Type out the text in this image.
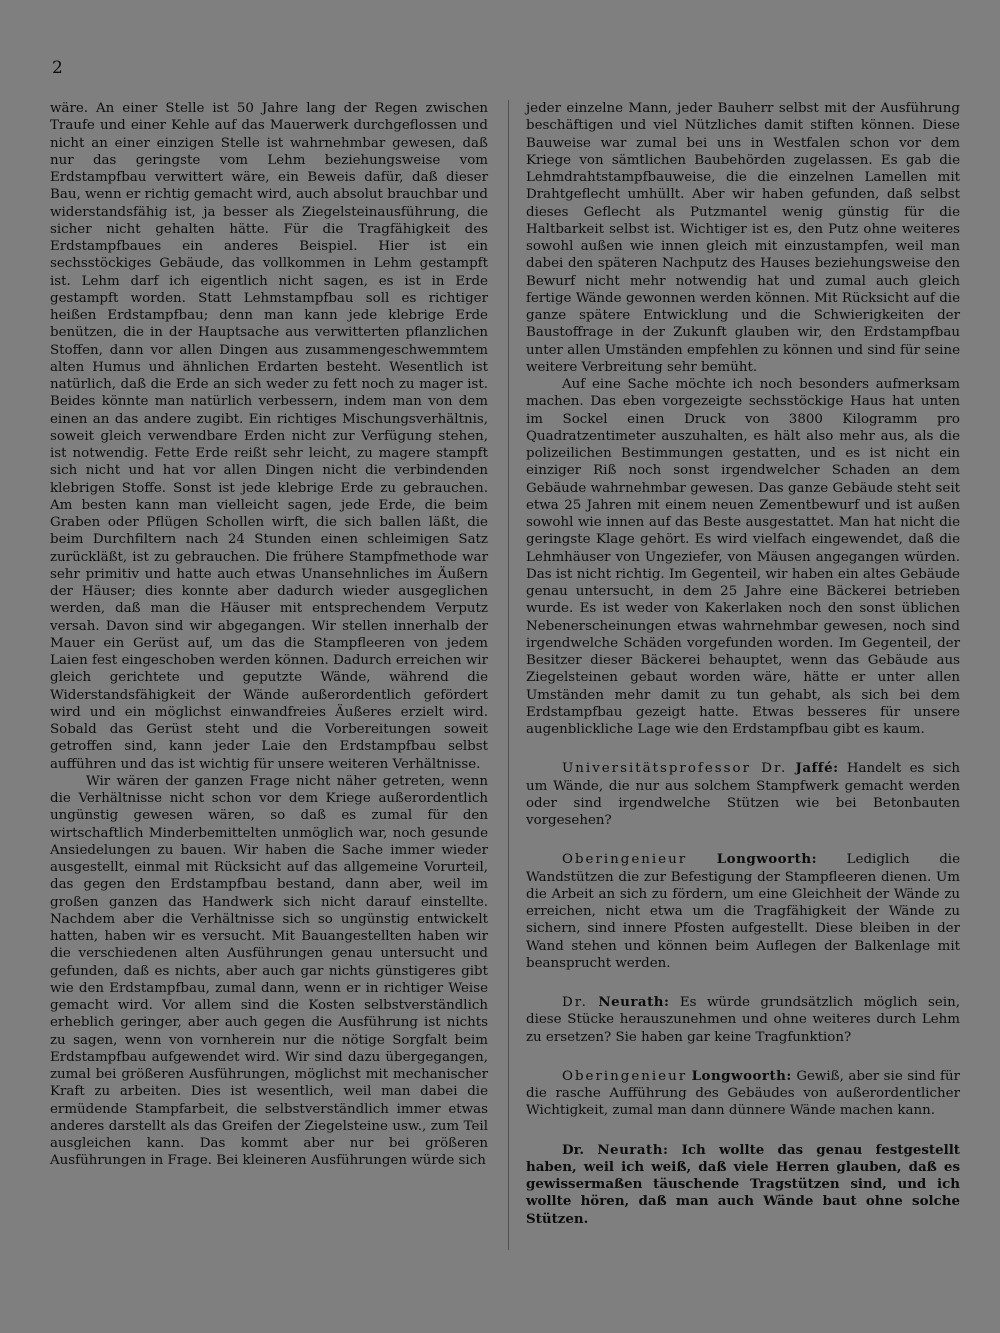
2

wäre. An einer Stelle ist 50 Jahre lang der Regen zwischen Traufe und einer Kehle auf das Mauerwerk durchgeflossen und nicht an einer einzigen Stelle ist wahrnehmbar gewesen, daß nur das geringste vom Lehm beziehungsweise vom Erdstampfbau verwittert wäre, ein Beweis dafür, daß dieser Bau, wenn er richtig gemacht wird, auch absolut brauchbar und widerstandsfähig ist, ja besser als Ziegelsteinausführung, die sicher nicht gehalten hätte. Für die Tragfähigkeit des Erdstampfbaues ein anderes Beispiel. Hier ist ein sechsstöckiges Gebäude, das vollkommen in Lehm gestampft ist. Lehm darf ich eigentlich nicht sagen, es ist in Erde gestampft worden. Statt Lehmstampfbau soll es richtiger heißen Erdstampfbau; denn man kann jede klebrige Erde benützen, die in der Hauptsache aus verwitterten pflanzlichen Stoffen, dann vor allen Dingen aus zusammengeschwemmtem alten Humus und ähnlichen Erdarten besteht. Wesentlich ist natürlich, daß die Erde an sich weder zu fett noch zu mager ist. Beides könnte man natürlich verbessern, indem man von dem einen an das andere zugibt. Ein richtiges Mischungsverhältnis, soweit gleich verwendbare Erden nicht zur Verfügung stehen, ist notwendig. Fette Erde reißt sehr leicht, zu magere stampft sich nicht und hat vor allen Dingen nicht die verbindenden klebrigen Stoffe. Sonst ist jede klebrige Erde zu gebrauchen. Am besten kann man vielleicht sagen, jede Erde, die beim Graben oder Pflügen Schollen wirft, die sich ballen läßt, die beim Durchfiltern nach 24 Stunden einen schleimigen Satz zurückläßt, ist zu gebrauchen. Die frühere Stampfmethode war sehr primitiv und hatte auch etwas Unansehnliches im Äußern der Häuser; dies konnte aber dadurch wieder ausgeglichen werden, daß man die Häuser mit entsprechendem Verputz versah. Davon sind wir abgegangen. Wir stellen innerhalb der Mauer ein Gerüst auf, um das die Stampfleeren von jedem Laien fest eingeschoben werden können. Dadurch erreichen wir gleich gerichtete und geputzte Wände, während die Widerstandsfähigkeit der Wände außerordentlich gefördert wird und ein möglichst einwandfreies Äußeres erzielt wird. Sobald das Gerüst steht und die Vorbereitungen soweit getroffen sind, kann jeder Laie den Erdstampfbau selbst aufführen und das ist wichtig für unsere weiteren Verhältnisse.

Wir wären der ganzen Frage nicht näher getreten, wenn die Verhältnisse nicht schon vor dem Kriege außerordentlich ungünstig gewesen wären, so daß es zumal für den wirtschaftlich Minderbemittelten unmöglich war, noch gesunde Ansiedelungen zu bauen. Wir haben die Sache immer wieder ausgestellt, einmal mit Rücksicht auf das allgemeine Vorurteil, das gegen den Erdstampfbau bestand, dann aber, weil im großen ganzen das Handwerk sich nicht darauf einstellte. Nachdem aber die Verhältnisse sich so ungünstig entwickelt hatten, haben wir es versucht. Mit Bauangestellten haben wir die verschiedenen alten Ausführungen genau untersucht und gefunden, daß es nichts, aber auch gar nichts günstigeres gibt wie den Erdstampfbau, zumal dann, wenn er in richtiger Weise gemacht wird. Vor allem sind die Kosten selbstverständlich erheblich geringer, aber auch gegen die Ausführung ist nichts zu sagen, wenn von vornherein nur die nötige Sorgfalt beim Erdstampfbau aufgewendet wird. Wir sind dazu übergegangen, zumal bei größeren Ausführungen, möglichst mit mechanischer Kraft zu arbeiten. Dies ist wesentlich, weil man dabei die ermüdende Stampfarbeit, die selbstverständlich immer etwas anderes darstellt als das Greifen der Ziegelsteine usw., zum Teil ausgleichen kann. Das kommt aber nur bei größeren Ausführungen in Frage. Bei kleineren Ausführungen würde sich

jeder einzelne Mann, jeder Bauherr selbst mit der Ausführung beschäftigen und viel Nützliches damit stiften können. Diese Bauweise war zumal bei uns in Westfalen schon vor dem Kriege von sämtlichen Baubehörden zugelassen. Es gab die Lehmdrahtstampfbauweise, die die einzelnen Lamellen mit Drahtgeflecht umhüllt. Aber wir haben gefunden, daß selbst dieses Geflecht als Putzmantel wenig günstig für die Haltbarkeit selbst ist. Wichtiger ist es, den Putz ohne weiteres sowohl außen wie innen gleich mit einzustampfen, weil man dabei den späteren Nachputz des Hauses beziehungsweise den Bewurf nicht mehr notwendig hat und zumal auch gleich fertige Wände gewonnen werden können. Mit Rücksicht auf die ganze spätere Entwicklung und die Schwierigkeiten der Baustoffrage in der Zukunft glauben wir, den Erdstampfbau unter allen Umständen empfehlen zu können und sind für seine weitere Verbreitung sehr bemüht.

Auf eine Sache möchte ich noch besonders aufmerksam machen. Das eben vorgezeigte sechsstöckige Haus hat unten im Sockel einen Druck von 3800 Kilogramm pro Quadratzentimeter auszuhalten, es hält also mehr aus, als die polizeilichen Bestimmungen gestatten, und es ist nicht ein einziger Riß noch sonst irgendwelcher Schaden an dem Gebäude wahrnehmbar gewesen. Das ganze Gebäude steht seit etwa 25 Jahren mit einem neuen Zementbewurf und ist außen sowohl wie innen auf das Beste ausgestattet. Man hat nicht die geringste Klage gehört. Es wird vielfach eingewendet, daß die Lehmhäuser von Ungeziefer, von Mäusen angegangen würden. Das ist nicht richtig. Im Gegenteil, wir haben ein altes Gebäude genau untersucht, in dem 25 Jahre eine Bäckerei betrieben wurde. Es ist weder von Kakerlaken noch den sonst üblichen Nebenerscheinungen etwas wahrnehmbar gewesen, noch sind irgendwelche Schäden vorgefunden worden. Im Gegenteil, der Besitzer dieser Bäckerei behauptet, wenn das Gebäude aus Ziegelsteinen gebaut worden wäre, hätte er unter allen Umständen mehr damit zu tun gehabt, als sich bei dem Erdstampfbau gezeigt hatte. Etwas besseres für unsere augenblickliche Lage wie den Erdstampfbau gibt es kaum.

Universitätsprofessor Dr. Jaffé: Handelt es sich um Wände, die nur aus solchem Stampfwerk gemacht werden oder sind irgendwelche Stützen wie bei Betonbauten vorgesehen?

Oberingenieur Longwoorth: Lediglich die Wandstützen die zur Befestigung der Stampfleeren dienen. Um die Arbeit an sich zu fördern, um eine Gleichheit der Wände zu erreichen, nicht etwa um die Tragfähigkeit der Wände zu sichern, sind innere Pfosten aufgestellt. Diese bleiben in der Wand stehen und können beim Auflegen der Balkenlage mit beansprucht werden.

Dr. Neurath: Es würde grundsätzlich möglich sein, diese Stücke herauszunehmen und ohne weiteres durch Lehm zu ersetzen? Sie haben gar keine Tragfunktion?

Oberingenieur Longwoorth: Gewiß, aber sie sind für die rasche Aufführung des Gebäudes von außerordentlicher Wichtigkeit, zumal man dann dünnere Wände machen kann.

Dr. Neurath: Ich wollte das genau festgestellt haben, weil ich weiß, daß viele Herren glauben, daß es gewissermaßen täuschende Tragstützen sind, und ich wollte hören, daß man auch Wände baut ohne solche Stützen.
